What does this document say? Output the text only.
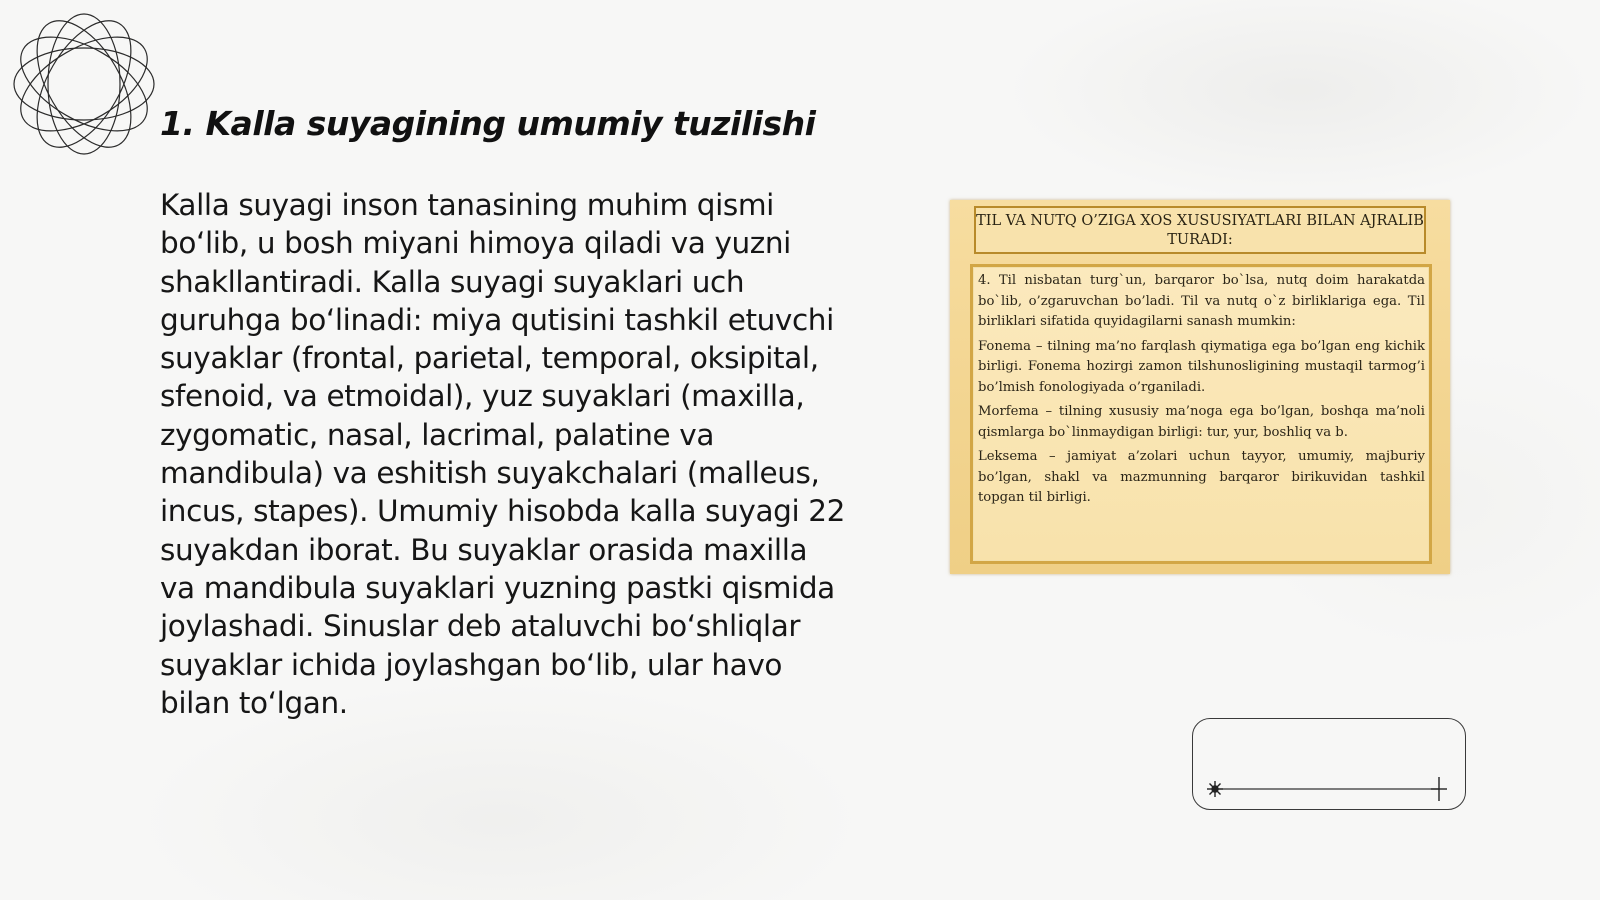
1. Kalla suyagining umumiy tuzilishi
Kalla suyagi inson tanasining muhim qismi bo‘lib, u bosh miyani himoya qiladi va yuzni shakllantiradi. Kalla suyagi suyaklari uch guruhga bo‘linadi: miya qutisini tashkil etuvchi suyaklar (frontal, parietal, temporal, oksipital, sfenoid, va etmoidal), yuz suyaklari (maxilla, zygomatic, nasal, lacrimal, palatine va mandibula) va eshitish suyakchalari (malleus, incus, stapes). Umumiy hisobda kalla suyagi 22 suyakdan iborat. Bu suyaklar orasida maxilla va mandibula suyaklari yuzning pastki qismida joylashadi. Sinuslar deb ataluvchi bo‘shliqlar suyaklar ichida joylashgan bo‘lib, ular havo bilan to‘lgan.
TIL VA NUTQ O’ZIGA XOS XUSUSIYATLARI BILAN AJRALIB TURADI:

4. Til nisbatan turg`un, barqaror bo`lsa, nutq doim harakatda bo`lib, o’zgaruvchan bo’ladi. Til va nutq o`z birliklariga ega. Til birliklari sifatida quyidagilarni sanash mumkin:

Fonema – tilning ma’no farqlash qiymatiga ega bo’lgan eng kichik birligi. Fonema hozirgi zamon tilshunosligining mustaqil tarmog’i bo’lmish fonologiyada o’rganiladi.

Morfema – tilning xususiy ma’noga ega bo’lgan, boshqa ma’noli qismlarga bo`linmaydigan birligi: tur, yur, boshliq va b.

Leksema – jamiyat a’zolari uchun tayyor, umumiy, majburiy bo’lgan, shakl va mazmunning barqaror birikuvidan tashkil topgan til birligi.
